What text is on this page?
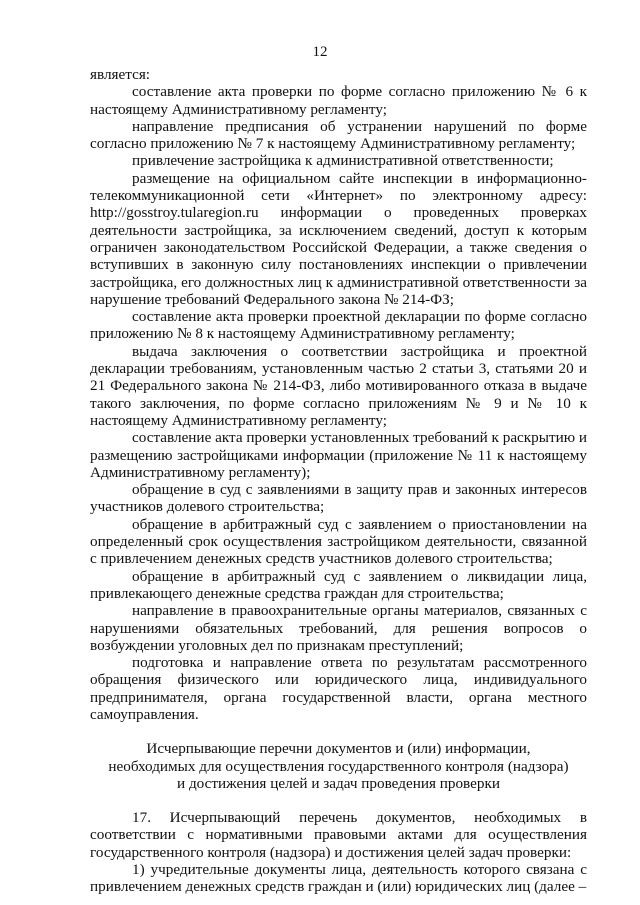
12

является:

составление акта проверки по форме согласно приложению № 6 к настоящему Административному регламенту;

направление предписания об устранении нарушений по форме согласно приложению № 7 к настоящему Административному регламенту;

привлечение застройщика к административной ответственности;

размещение на официальном сайте инспекции в информационно-телекоммуникационной сети «Интернет» по электронному адресу: http://gosstroy.tularegion.ru информации о проведенных проверках деятельности застройщика, за исключением сведений, доступ к которым ограничен законодательством Российской Федерации, а также сведения о вступивших в законную силу постановлениях инспекции о привлечении застройщика, его должностных лиц к административной ответственности за нарушение требований Федерального закона № 214-ФЗ;

составление акта проверки проектной декларации по форме согласно приложению № 8 к настоящему Административному регламенту;

выдача заключения о соответствии застройщика и проектной декларации требованиям, установленным частью 2 статьи 3, статьями 20 и 21 Федерального закона № 214-ФЗ, либо мотивированного отказа в выдаче такого заключения, по форме согласно приложениям № 9 и № 10 к настоящему Административному регламенту;

составление акта проверки установленных требований к раскрытию и размещению застройщиками информации (приложение № 11 к настоящему Административному регламенту);

обращение в суд с заявлениями в защиту прав и законных интересов участников долевого строительства;

обращение в арбитражный суд с заявлением о приостановлении на определенный срок осуществления застройщиком деятельности, связанной с привлечением денежных средств участников долевого строительства;

обращение в арбитражный суд с заявлением о ликвидации лица, привлекающего денежные средства граждан для строительства;

направление в правоохранительные органы материалов, связанных с нарушениями обязательных требований, для решения вопросов о возбуждении уголовных дел по признакам преступлений;

подготовка и направление ответа по результатам рассмотренного обращения физического или юридического лица, индивидуального предпринимателя, органа государственной власти, органа местного самоуправления.

Исчерпывающие перечни документов и (или) информации,
необходимых для осуществления государственного контроля (надзора)
и достижения целей и задач проведения проверки

17. Исчерпывающий перечень документов, необходимых в соответствии с нормативными правовыми актами для осуществления государственного контроля (надзора) и достижения целей задач проверки:

1) учредительные документы лица, деятельность которого связана с привлечением денежных средств граждан и (или) юридических лиц (далее –
